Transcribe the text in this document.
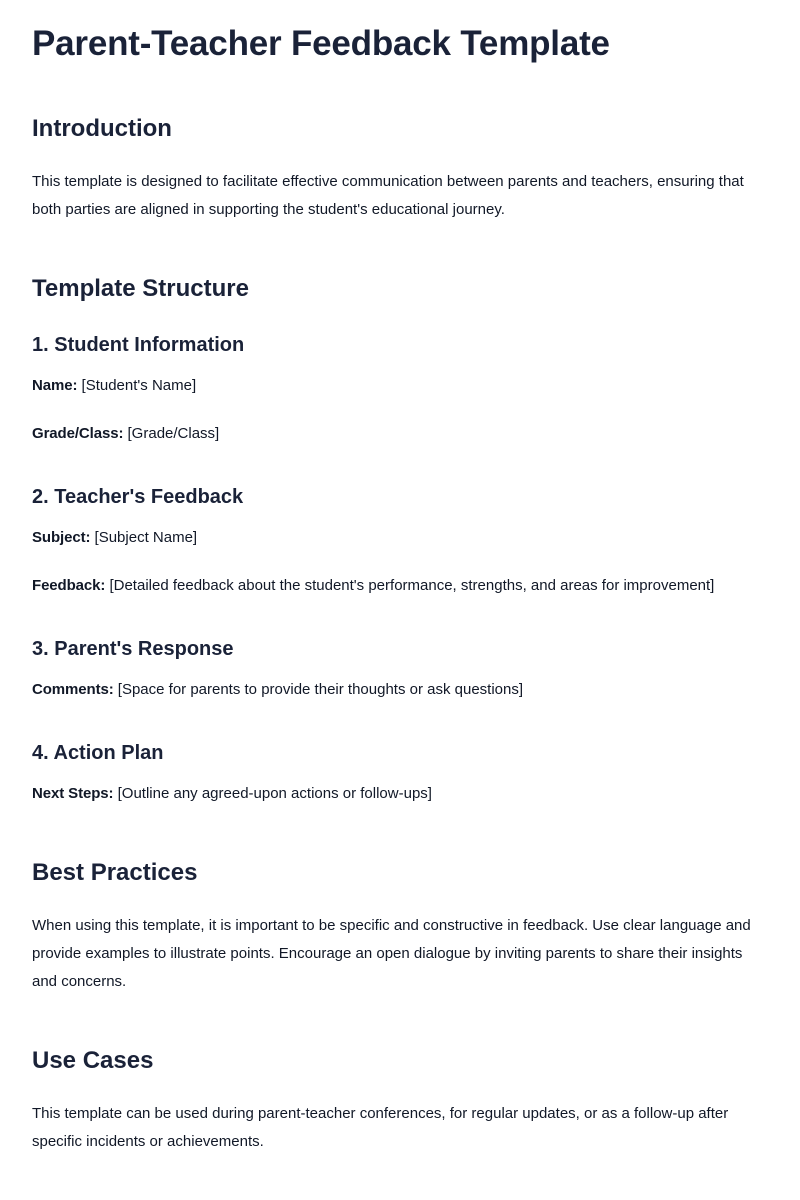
Parent-Teacher Feedback Template
Introduction

This template is designed to facilitate effective communication between parents and teachers, ensuring that both parties are aligned in supporting the student's educational journey.

Template Structure
1. Student Information

Name: [Student's Name]

Grade/Class: [Grade/Class]

2. Teacher's Feedback

Subject: [Subject Name]

Feedback: [Detailed feedback about the student's performance, strengths, and areas for improvement]

3. Parent's Response

Comments: [Space for parents to provide their thoughts or ask questions]

4. Action Plan

Next Steps: [Outline any agreed-upon actions or follow-ups]

Best Practices

When using this template, it is important to be specific and constructive in feedback. Use clear language and provide examples to illustrate points. Encourage an open dialogue by inviting parents to share their insights and concerns.

Use Cases

This template can be used during parent-teacher conferences, for regular updates, or as a follow-up after specific incidents or achievements.
